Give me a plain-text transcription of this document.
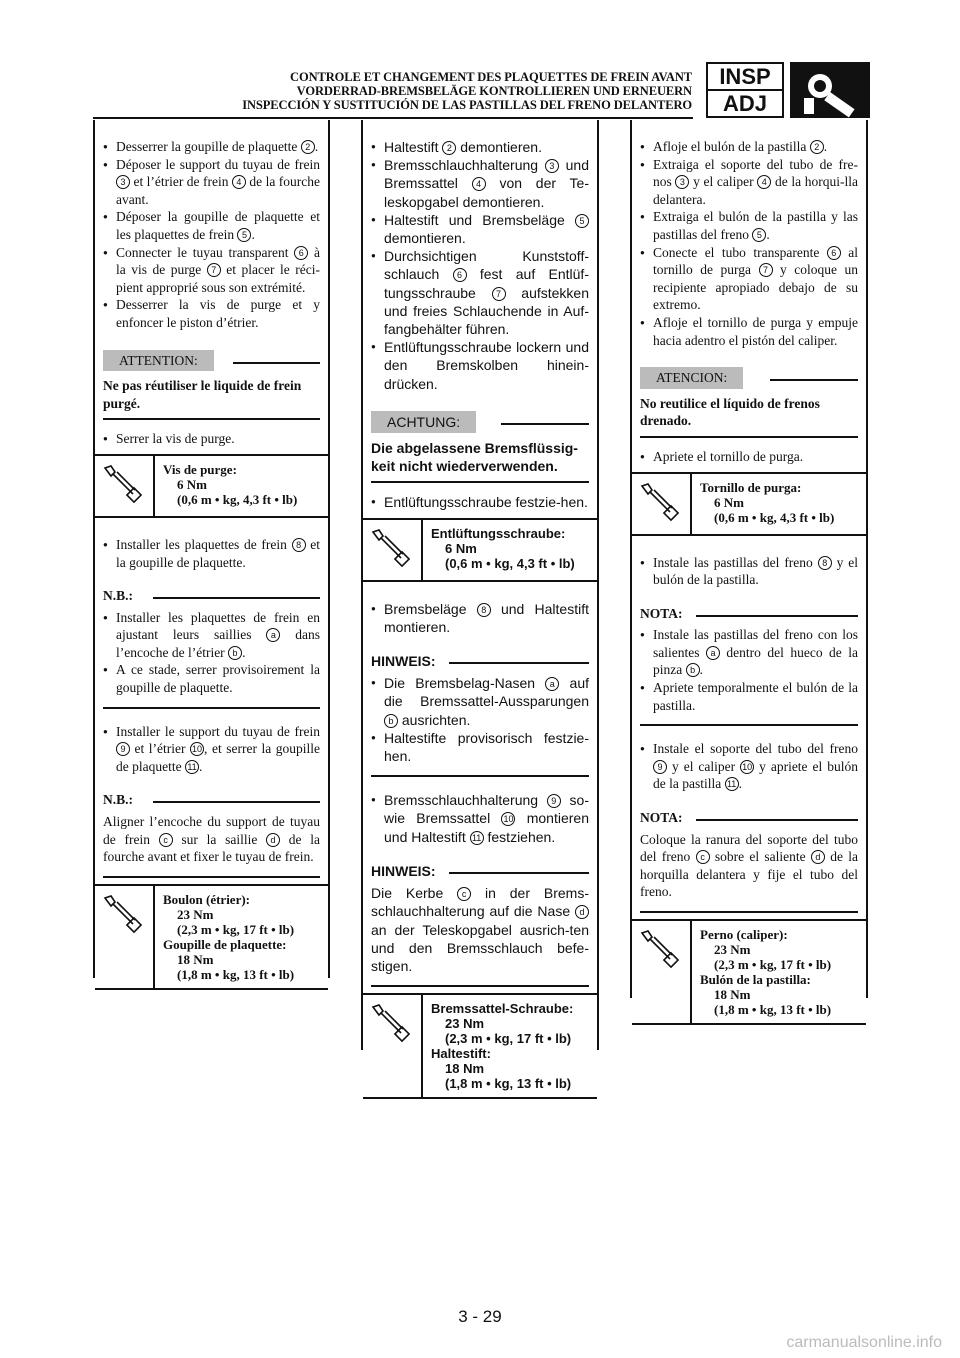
CONTROLE ET CHANGEMENT DES PLAQUETTES DE FREIN AVANT
VORDERRAD-BREMSBELÄGE KONTROLLIEREN UND ERNEUERN
INSPECCIÓN Y SUSTITUCIÓN DE LAS PASTILLAS DEL FRENO DELANTERO
INSP
ADJ
● Desserrer la goupille de plaquette 2 .
● Déposer le support du tuyau de frein 3 et l’étrier de frein 4 de la fourche avant.
● Déposer la goupille de plaquette et les plaquettes de frein 5 .
● Connecter le tuyau transparent 6 à la vis de purge 7 et placer le réci-pient approprié sous son extrémité.
● Desserrer la vis de purge et y enfoncer le piston d’étrier.
ATTENTION:
Ne pas réutiliser le liquide de frein purgé.
● Serrer la vis de purge.
Vis de purge:
6 Nm
(0,6 m • kg, 4,3 ft • lb)
● Installer les plaquettes de frein 8 et la goupille de plaquette.
N.B.:
● Installer les plaquettes de frein en ajustant leurs saillies a dans l’encoche de l’étrier b .
● A ce stade, serrer provisoirement la goupille de plaquette.
● Installer le support du tuyau de frein 9 et l’étrier 10 , et serrer la goupille de plaquette 11 .
N.B.:
Aligner l’encoche du support de tuyau de frein c sur la saillie d de la fourche avant et fixer le tuyau de frein.
Boulon (étrier):
23 Nm
(2,3 m • kg, 17 ft • lb)
Goupille de plaquette:
18 Nm
(1,8 m • kg, 13 ft • lb)
● Haltestift 2 demontieren.
● Bremsschlauchhalterung 3 und Bremssattel 4 von der Te-leskopgabel demontieren.
● Haltestift und Bremsbeläge 5 demontieren.
● Durchsichtigen Kunststoff-schlauch 6 fest auf Entlüf-tungsschraube 7 aufstekken und freies Schlauchende in Auf-fangbehälter führen.
● Entlüftungsschraube lockern und den Bremskolben hinein-drücken.
ACHTUNG:
Die abgelassene Bremsflüssig-keit nicht wiederverwenden.
● Entlüftungsschraube festzie-hen.
Entlüftungsschraube:
6 Nm
(0,6 m • kg, 4,3 ft • lb)
● Bremsbeläge 8 und Haltestift montieren.
HINWEIS:
● Die Bremsbelag-Nasen a auf die Bremssattel-Aussparungen b ausrichten.
● Haltestifte provisorisch festzie-hen.
● Bremsschlauchhalterung 9 so-wie Bremssattel 10 montieren und Haltestift 11 festziehen.
HINWEIS:
Die Kerbe c in der Brems-schlauchhalterung auf die Nase d an der Teleskopgabel ausrich-ten und den Bremsschlauch befe-stigen.
Bremssattel-Schraube:
23 Nm
(2,3 m • kg, 17 ft • lb)
Haltestift:
18 Nm
(1,8 m • kg, 13 ft • lb)
● Afloje el bulón de la pastilla 2 .
● Extraiga el soporte del tubo de fre-nos 3 y el caliper 4 de la horqui-lla delantera.
● Extraiga el bulón de la pastilla y las pastillas del freno 5 .
● Conecte el tubo transparente 6 al tornillo de purga 7 y coloque un recipiente apropiado debajo de su extremo.
● Afloje el tornillo de purga y empuje hacia adentro el pistón del caliper.
ATENCION:
No reutilice el líquido de frenos drenado.
● Apriete el tornillo de purga.
Tornillo de purga:
6 Nm
(0,6 m • kg, 4,3 ft • lb)
● Instale las pastillas del freno 8 y el bulón de la pastilla.
NOTA:
● Instale las pastillas del freno con los salientes a dentro del hueco de la pinza b .
● Apriete temporalmente el bulón de la pastilla.
● Instale el soporte del tubo del freno 9 y el caliper 10 y apriete el bulón de la pastilla 11 .
NOTA:
Coloque la ranura del soporte del tubo del freno c sobre el saliente d de la horquilla delantera y fije el tubo del freno.
Perno (caliper):
23 Nm
(2,3 m • kg, 17 ft • lb)
Bulón de la pastilla:
18 Nm
(1,8 m • kg, 13 ft • lb)
3 - 29
carmanualsonline.info
